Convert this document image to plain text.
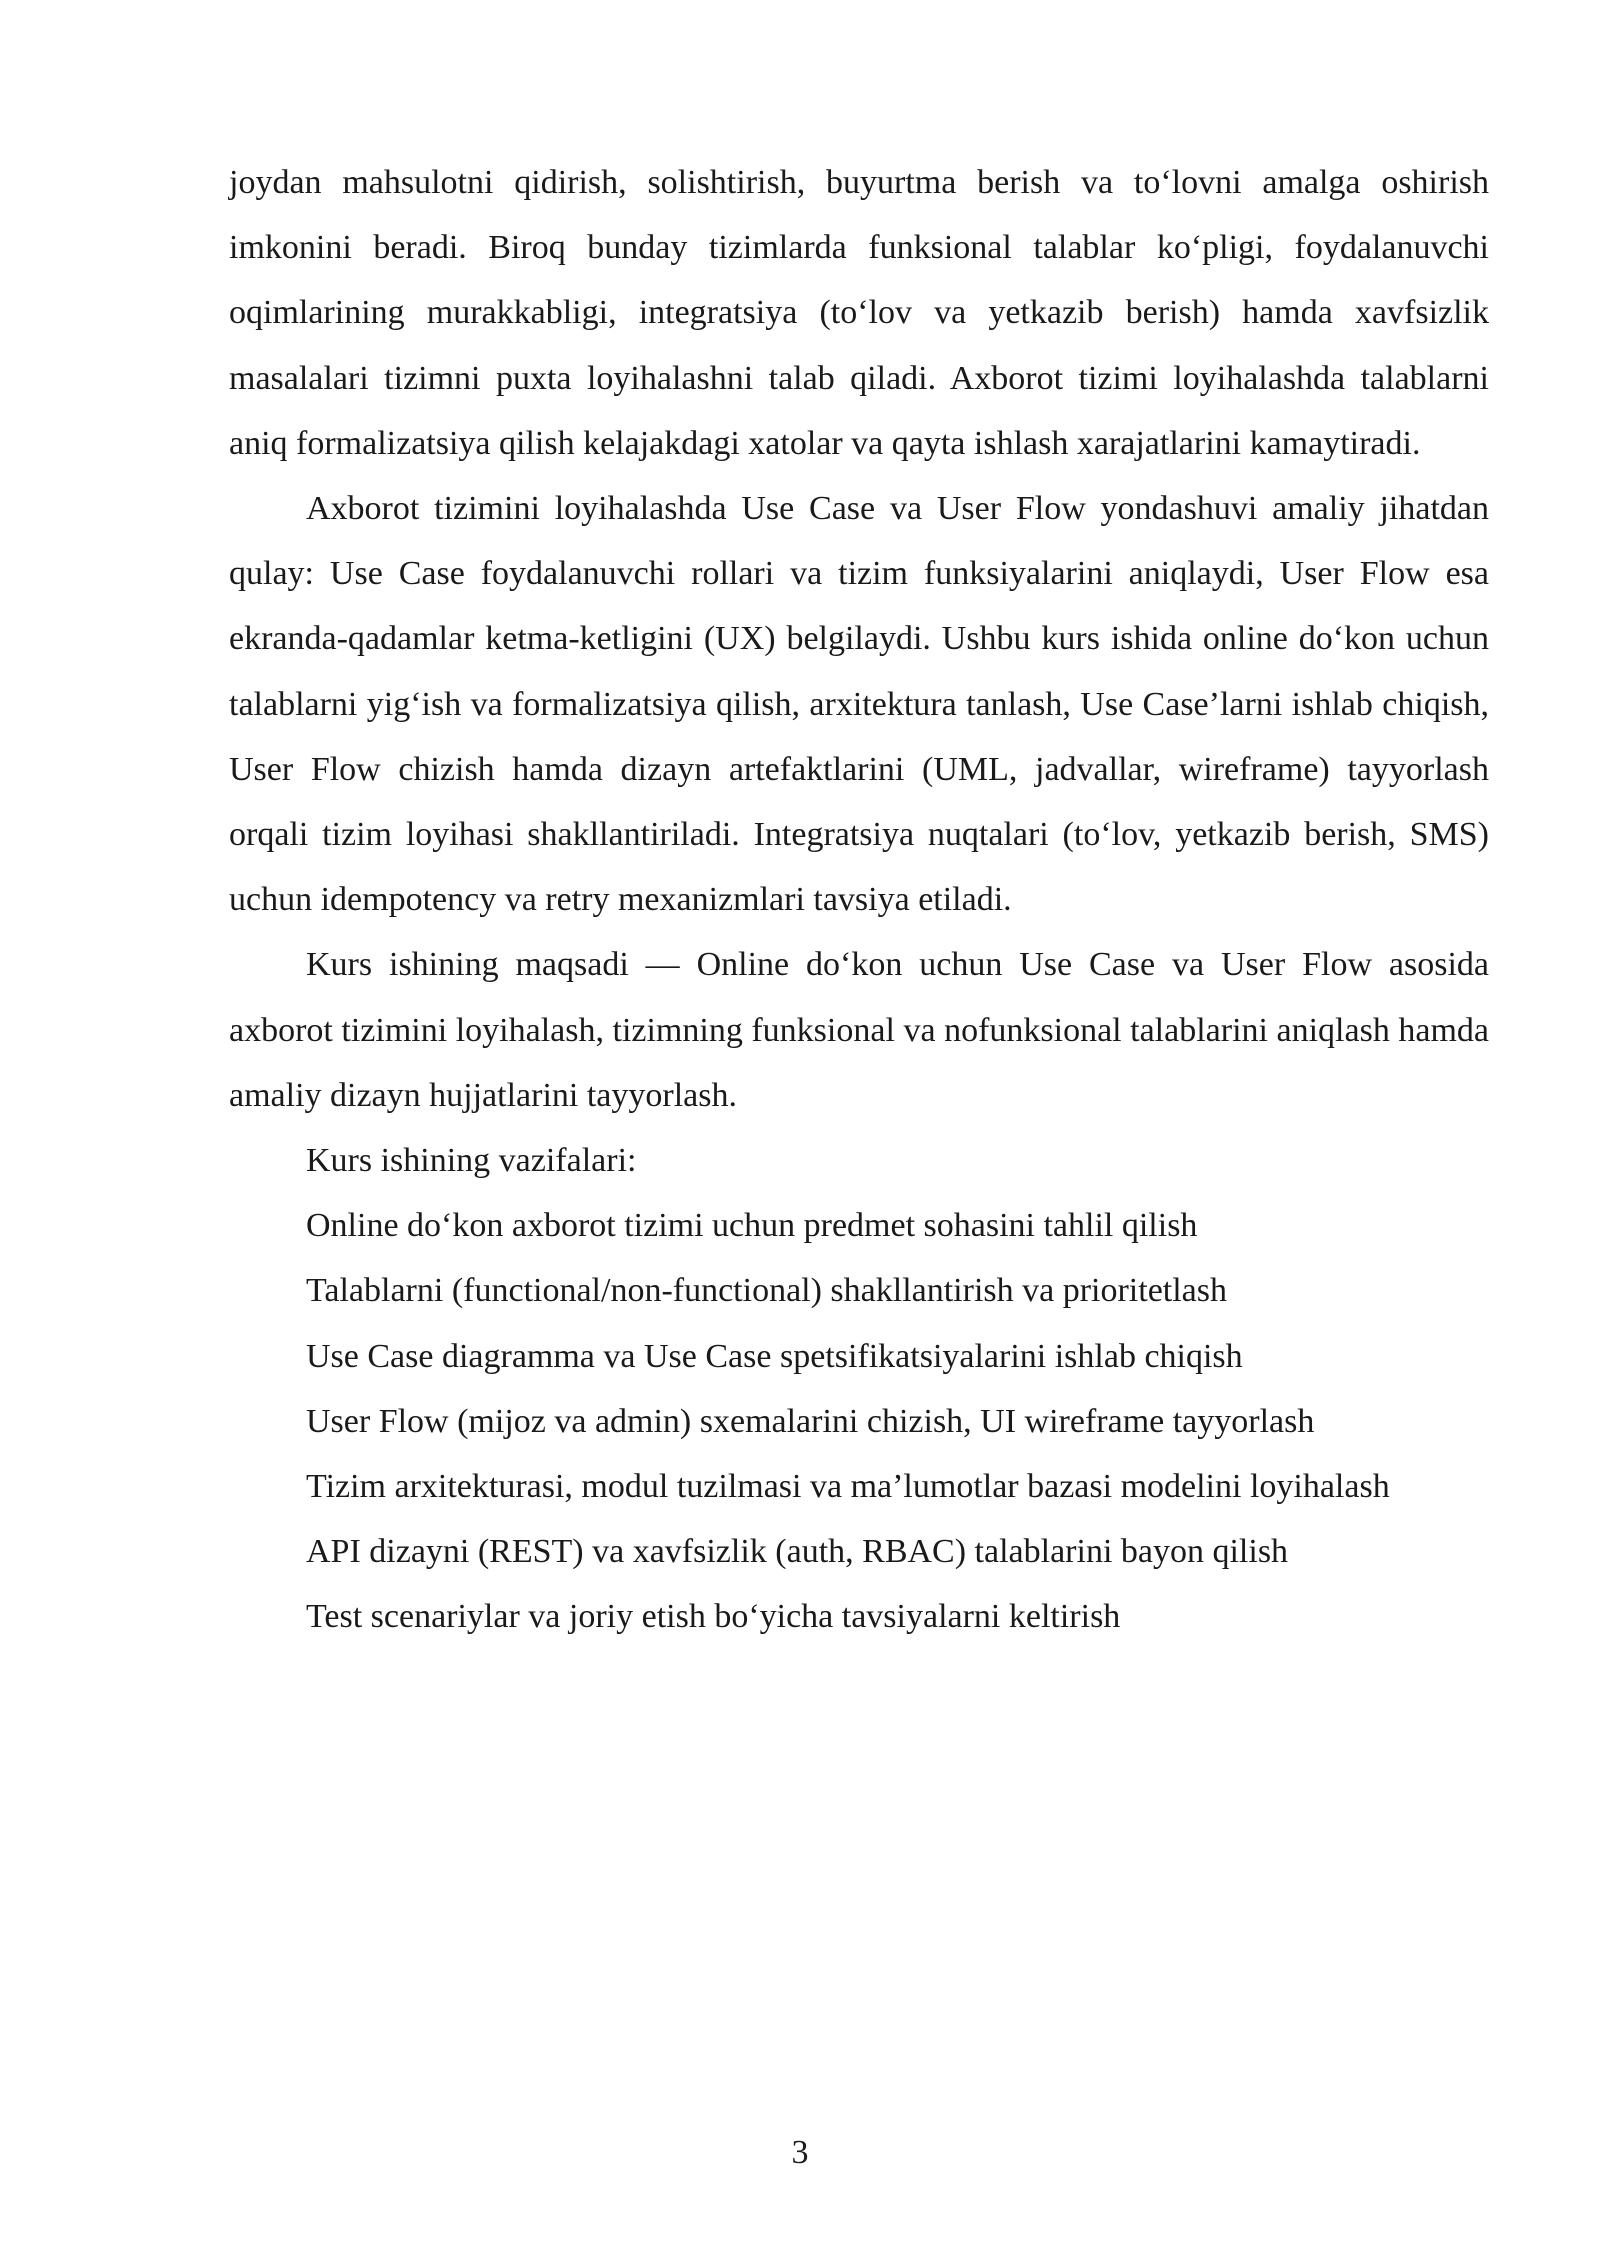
joydan mahsulotni qidirish, solishtirish, buyurtma berish va to‘lovni amalga oshirish imkonini beradi. Biroq bunday tizimlarda funksional talablar ko‘pligi, foydalanuvchi oqimlarining murakkabligi, integratsiya (to‘lov va yetkazib berish) hamda xavfsizlik masalalari tizimni puxta loyihalashni talab qiladi. Axborot tizimi loyihalashda talablarni aniq formalizatsiya qilish kelajakdagi xatolar va qayta ishlash xarajatlarini kamaytiradi.

Axborot tizimini loyihalashda Use Case va User Flow yondashuvi amaliy jihatdan qulay: Use Case foydalanuvchi rollari va tizim funksiyalarini aniqlaydi, User Flow esa ekranda-qadamlar ketma-ketligini (UX) belgilaydi. Ushbu kurs ishida online do‘kon uchun talablarni yig‘ish va formalizatsiya qilish, arxitektura tanlash, Use Case’larni ishlab chiqish, User Flow chizish hamda dizayn artefaktlarini (UML, jadvallar, wireframe) tayyorlash orqali tizim loyihasi shakllantiriladi. Integratsiya nuqtalari (to‘lov, yetkazib berish, SMS) uchun idempotency va retry mexanizmlari tavsiya etiladi.

Kurs ishining maqsadi — Online do‘kon uchun Use Case va User Flow asosida axborot tizimini loyihalash, tizimning funksional va nofunksional talablarini aniqlash hamda amaliy dizayn hujjatlarini tayyorlash.

Kurs ishining vazifalari:

Online do‘kon axborot tizimi uchun predmet sohasini tahlil qilish

Talablarni (functional/non-functional) shakllantirish va prioritetlash

Use Case diagramma va Use Case spetsifikatsiyalarini ishlab chiqish

User Flow (mijoz va admin) sxemalarini chizish, UI wireframe tayyorlash

Tizim arxitekturasi, modul tuzilmasi va ma’lumotlar bazasi modelini loyihalash

API dizayni (REST) va xavfsizlik (auth, RBAC) talablarini bayon qilish

Test scenariylar va joriy etish bo‘yicha tavsiyalarni keltirish

3
